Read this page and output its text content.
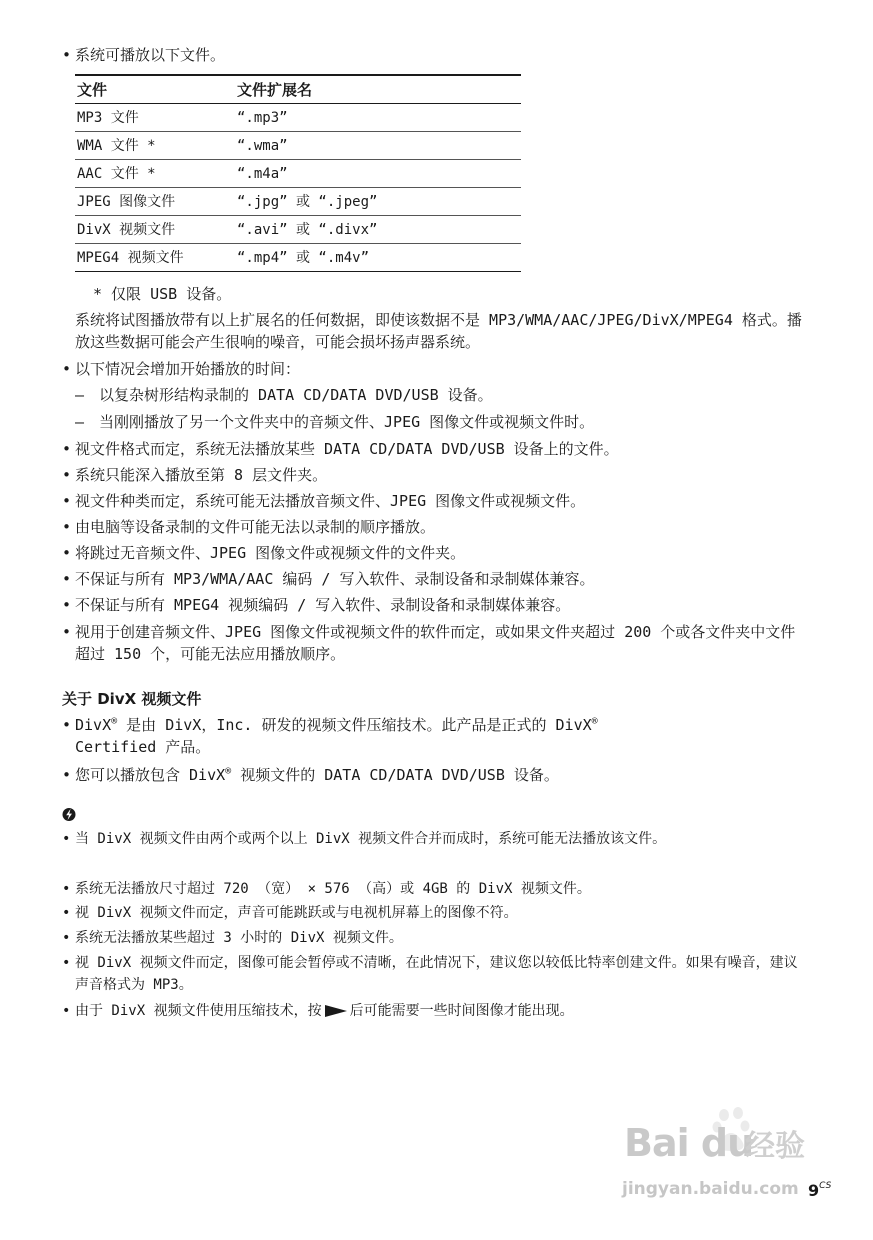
• 系统可播放以下文件。
文件	文件扩展名
MP3 文件	“.mp3”
WMA 文件 *	“.wma”
AAC 文件 *	“.m4a”
JPEG 图像文件	“.jpg” 或 “.jpeg”
DivX 视频文件	“.avi” 或 “.divx”
MPEG4 视频文件	“.mp4” 或 “.m4v”
* 仅限 USB 设备。
系统将试图播放带有以上扩展名的任何数据，即使该数据不是 MP3/WMA/AAC/JPEG/DivX/MPEG4 格式。播放这些数据可能会产生很响的噪音，可能会损坏扬声器系统。
• 以下情况会增加开始播放的时间：
– 以复杂树形结构录制的 DATA CD/DATA DVD/USB 设备。
– 当刚刚播放了另一个文件夹中的音频文件、JPEG 图像文件或视频文件时。
• 视文件格式而定，系统无法播放某些 DATA CD/DATA DVD/USB 设备上的文件。
• 系统只能深入播放至第 8 层文件夹。
• 视文件种类而定，系统可能无法播放音频文件、JPEG 图像文件或视频文件。
• 由电脑等设备录制的文件可能无法以录制的顺序播放。
• 将跳过无音频文件、JPEG 图像文件或视频文件的文件夹。
• 不保证与所有 MP3/WMA/AAC 编码 / 写入软件、录制设备和录制媒体兼容。
• 不保证与所有 MPEG4 视频编码 / 写入软件、录制设备和录制媒体兼容。
• 视用于创建音频文件、JPEG 图像文件或视频文件的软件而定，或如果文件夹超过 200 个或各文件夹中文件超过 150 个，可能无法应用播放顺序。
关于 DivX 视频文件
• DivX® 是由 DivX，Inc. 研发的视频文件压缩技术。此产品是正式的 DivX®
Certified 产品。
• 您可以播放包含 DivX® 视频文件的 DATA CD/DATA DVD/USB 设备。
• 当 DivX 视频文件由两个或两个以上 DivX 视频文件合并而成时，系统可能无法播放该文件。
• 系统无法播放尺寸超过 720 （宽） × 576 （高）或 4GB 的 DivX 视频文件。
• 视 DivX 视频文件而定，声音可能跳跃或与电视机屏幕上的图像不符。
• 系统无法播放某些超过 3 小时的 DivX 视频文件。
• 视 DivX 视频文件而定，图像可能会暂停或不清晰，在此情况下，建议您以较低比特率创建文件。如果有噪音，建议声音格式为 MP3。
• 由于 DivX 视频文件使用压缩技术，按 后可能需要一些时间图像才能出现。
Bai du
经验
jingyan.baidu.com $9^{CS}$
